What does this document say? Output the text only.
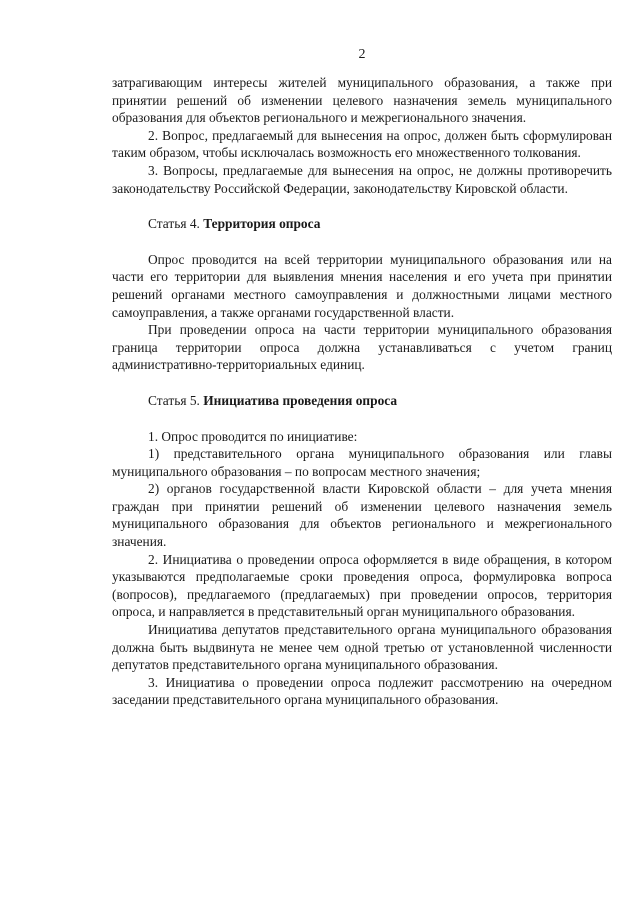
2

затрагивающим интересы жителей муниципального образования, а также при принятии решений об изменении целевого назначения земель муниципального образования для объектов регионального и межрегионального значения.

2. Вопрос, предлагаемый для вынесения на опрос, должен быть сформулирован таким образом, чтобы исключалась возможность его множественного толкования.

3. Вопросы, предлагаемые для вынесения на опрос, не должны противоречить законодательству Российской Федерации, законодательству Кировской области.

Статья 4. Территория опроса

Опрос проводится на всей территории муниципального образования или на части его территории для выявления мнения населения и его учета при принятии решений органами местного самоуправления и должностными лицами местного самоуправления, а также органами государственной власти.

При проведении опроса на части территории муниципального образования граница территории опроса должна устанавливаться с учетом границ административно-территориальных единиц.

Статья 5. Инициатива проведения опроса

1. Опрос проводится по инициативе:

1) представительного органа муниципального образования или главы муниципального образования – по вопросам местного значения;

2) органов государственной власти Кировской области – для учета мнения граждан при принятии решений об изменении целевого назначения земель муниципального образования для объектов регионального и межрегионального значения.

2. Инициатива о проведении опроса оформляется в виде обращения, в котором указываются предполагаемые сроки проведения опроса, формулировка вопроса (вопросов), предлагаемого (предлагаемых) при проведении опросов, территория опроса, и направляется в представительный орган муниципального образования.

Инициатива депутатов представительного органа муниципального образования должна быть выдвинута не менее чем одной третью от установленной численности депутатов представительного органа муниципального образования.

3. Инициатива о проведении опроса подлежит рассмотрению на очередном заседании представительного органа муниципального образования.
